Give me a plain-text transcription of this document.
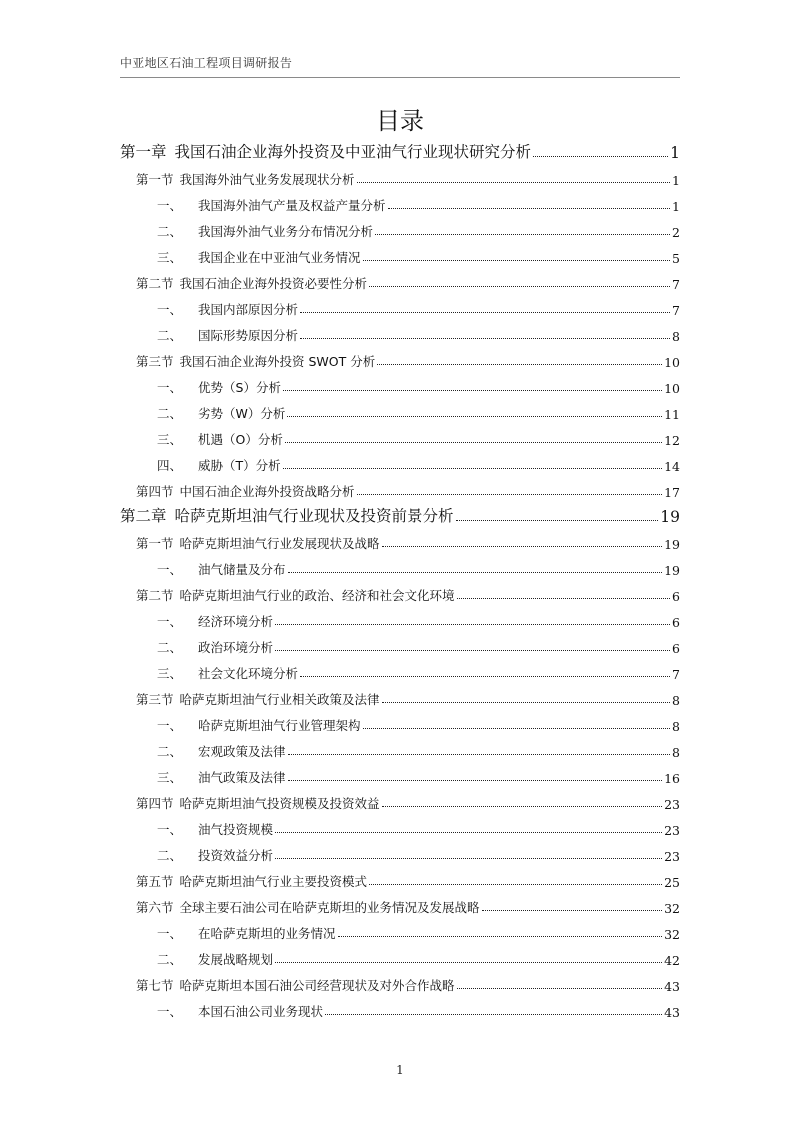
中亚地区石油工程项目调研报告
目录
第一章 我国石油企业海外投资及中亚油气行业现状研究分析	1
第一节 我国海外油气业务发展现状分析	1
一、 我国海外油气产量及权益产量分析	1
二、 我国海外油气业务分布情况分析	2
三、 我国企业在中亚油气业务情况	5
第二节 我国石油企业海外投资必要性分析	7
一、 我国内部原因分析	7
二、 国际形势原因分析	8
第三节 我国石油企业海外投资 SWOT 分析	10
一、 优势（S）分析	10
二、 劣势（W）分析	11
三、 机遇（O）分析	12
四、 威胁（T）分析	14
第四节 中国石油企业海外投资战略分析	17
第二章 哈萨克斯坦油气行业现状及投资前景分析	19
第一节 哈萨克斯坦油气行业发展现状及战略	19
一、 油气储量及分布	19
第二节 哈萨克斯坦油气行业的政治、经济和社会文化环境	6
一、 经济环境分析	6
二、 政治环境分析	6
三、 社会文化环境分析	7
第三节 哈萨克斯坦油气行业相关政策及法律	8
一、 哈萨克斯坦油气行业管理架构	8
二、 宏观政策及法律	8
三、 油气政策及法律	16
第四节 哈萨克斯坦油气投资规模及投资效益	23
一、 油气投资规模	23
二、 投资效益分析	23
第五节 哈萨克斯坦油气行业主要投资模式	25
第六节 全球主要石油公司在哈萨克斯坦的业务情况及发展战略	32
一、 在哈萨克斯坦的业务情况	32
二、 发展战略规划	42
第七节 哈萨克斯坦本国石油公司经营现状及对外合作战略	43
一、 本国石油公司业务现状	43
1
